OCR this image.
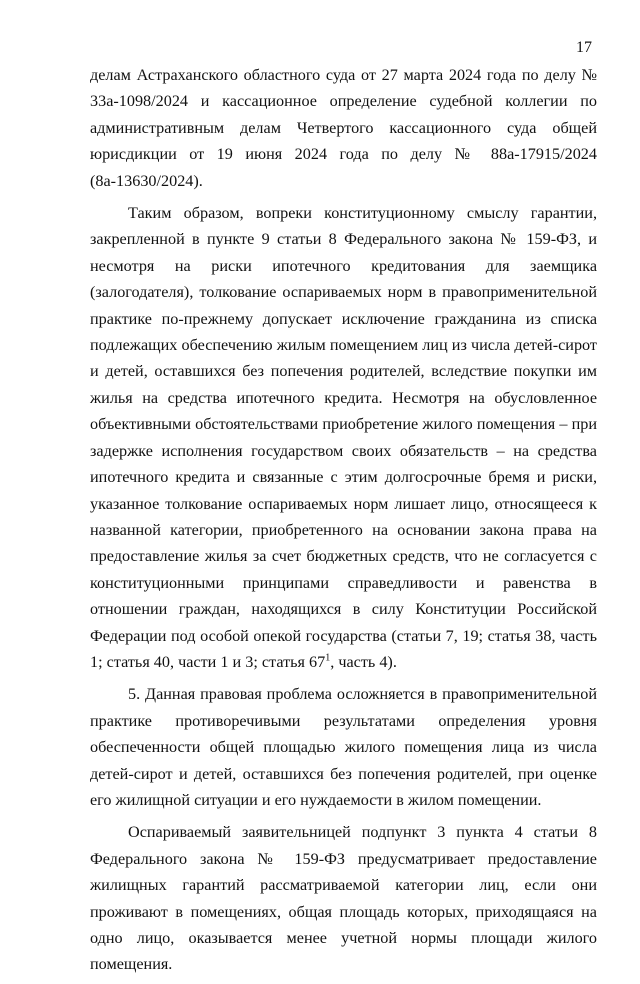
17

делам Астраханского областного суда от 27 марта 2024 года по делу № 33а-1098/2024 и кассационное определение судебной коллегии по административным делам Четвертого кассационного суда общей юрисдикции от 19 июня 2024 года по делу № 88а-17915/2024 (8а-13630/2024).

Таким образом, вопреки конституционному смыслу гарантии, закрепленной в пункте 9 статьи 8 Федерального закона № 159-ФЗ, и несмотря на риски ипотечного кредитования для заемщика (залогодателя), толкование оспариваемых норм в правоприменительной практике по-прежнему допускает исключение гражданина из списка подлежащих обеспечению жилым помещением лиц из числа детей-сирот и детей, оставшихся без попечения родителей, вследствие покупки им жилья на средства ипотечного кредита. Несмотря на обусловленное объективными обстоятельствами приобретение жилого помещения – при задержке исполнения государством своих обязательств – на средства ипотечного кредита и связанные с этим долгосрочные бремя и риски, указанное толкование оспариваемых норм лишает лицо, относящееся к названной категории, приобретенного на основании закона права на предоставление жилья за счет бюджетных средств, что не согласуется с конституционными принципами справедливости и равенства в отношении граждан, находящихся в силу Конституции Российской Федерации под особой опекой государства (статьи 7, 19; статья 38, часть 1; статья 40, части 1 и 3; статья $67^1$, часть 4).

5. Данная правовая проблема осложняется в правоприменительной практике противоречивыми результатами определения уровня обеспеченности общей площадью жилого помещения лица из числа детей-сирот и детей, оставшихся без попечения родителей, при оценке его жилищной ситуации и его нуждаемости в жилом помещении.

Оспариваемый заявительницей подпункт 3 пункта 4 статьи 8 Федерального закона № 159-ФЗ предусматривает предоставление жилищных гарантий рассматриваемой категории лиц, если они проживают в помещениях, общая площадь которых, приходящаяся на одно лицо, оказывается менее учетной нормы площади жилого помещения.
